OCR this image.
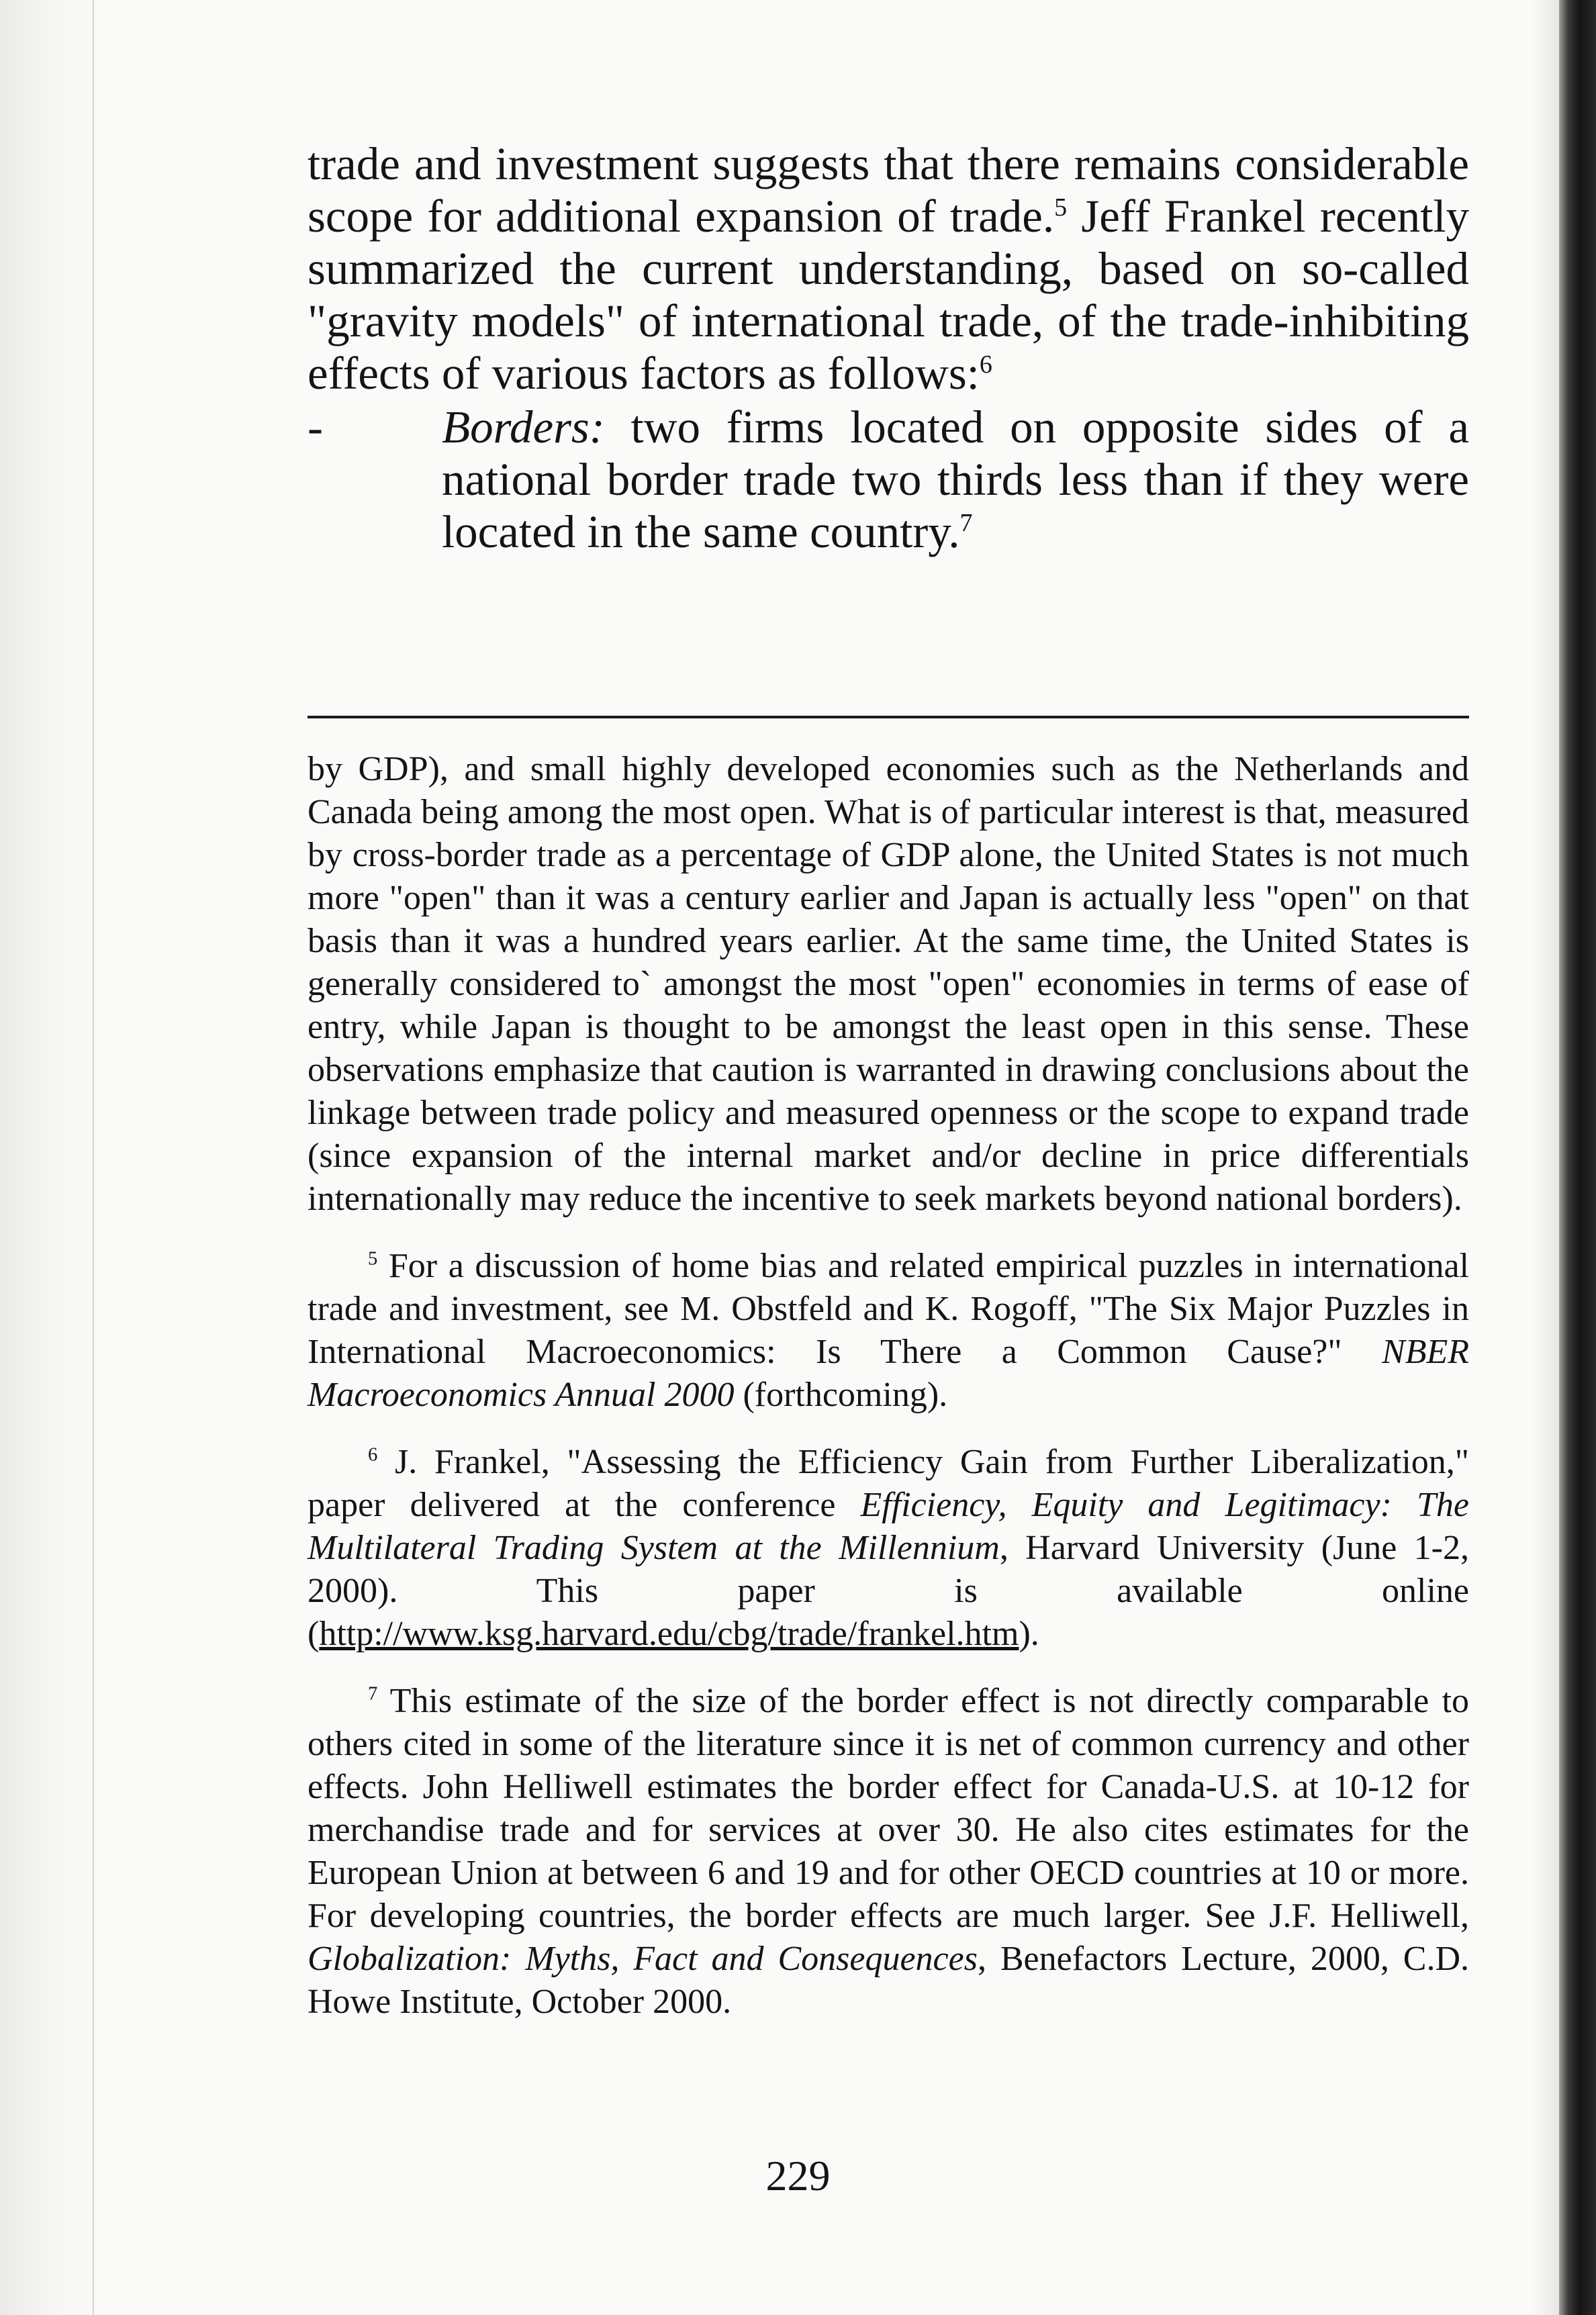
trade and investment suggests that there remains considerable scope for additional expansion of trade.$^5$ Jeff Frankel recently summarized the current understanding, based on so-called "gravity models" of international trade, of the trade-inhibiting effects of various factors as follows:$^6$

-	Borders: two firms located on opposite sides of a national border trade two thirds less than if they were located in the same country.$^7$

by GDP), and small highly developed economies such as the Netherlands and Canada being among the most open. What is of particular interest is that, measured by cross-border trade as a percentage of GDP alone, the United States is not much more "open" than it was a century earlier and Japan is actually less "open" on that basis than it was a hundred years earlier. At the same time, the United States is generally considered to` amongst the most "open" economies in terms of ease of entry, while Japan is thought to be amongst the least open in this sense. These observations emphasize that caution is warranted in drawing conclusions about the linkage between trade policy and measured openness or the scope to expand trade (since expansion of the internal market and/or decline in price differentials internationally may reduce the incentive to seek markets beyond national borders).

$^5$ For a discussion of home bias and related empirical puzzles in international trade and investment, see M. Obstfeld and K. Rogoff, "The Six Major Puzzles in International Macroeconomics: Is There a Common Cause?" NBER Macroeconomics Annual 2000 (forthcoming).

$^6$ J. Frankel, "Assessing the Efficiency Gain from Further Liberalization," paper delivered at the conference Efficiency, Equity and Legitimacy: The Multilateral Trading System at the Millennium, Harvard University (June 1-2, 2000). This paper is available online (http://www.ksg.harvard.edu/cbg/trade/frankel.htm).

$^7$ This estimate of the size of the border effect is not directly comparable to others cited in some of the literature since it is net of common currency and other effects. John Helliwell estimates the border effect for Canada-U.S. at 10-12 for merchandise trade and for services at over 30. He also cites estimates for the European Union at between 6 and 19 and for other OECD countries at 10 or more. For developing countries, the border effects are much larger. See J.F. Helliwell, Globalization: Myths, Fact and Consequences, Benefactors Lecture, 2000, C.D. Howe Institute, October 2000.

229
